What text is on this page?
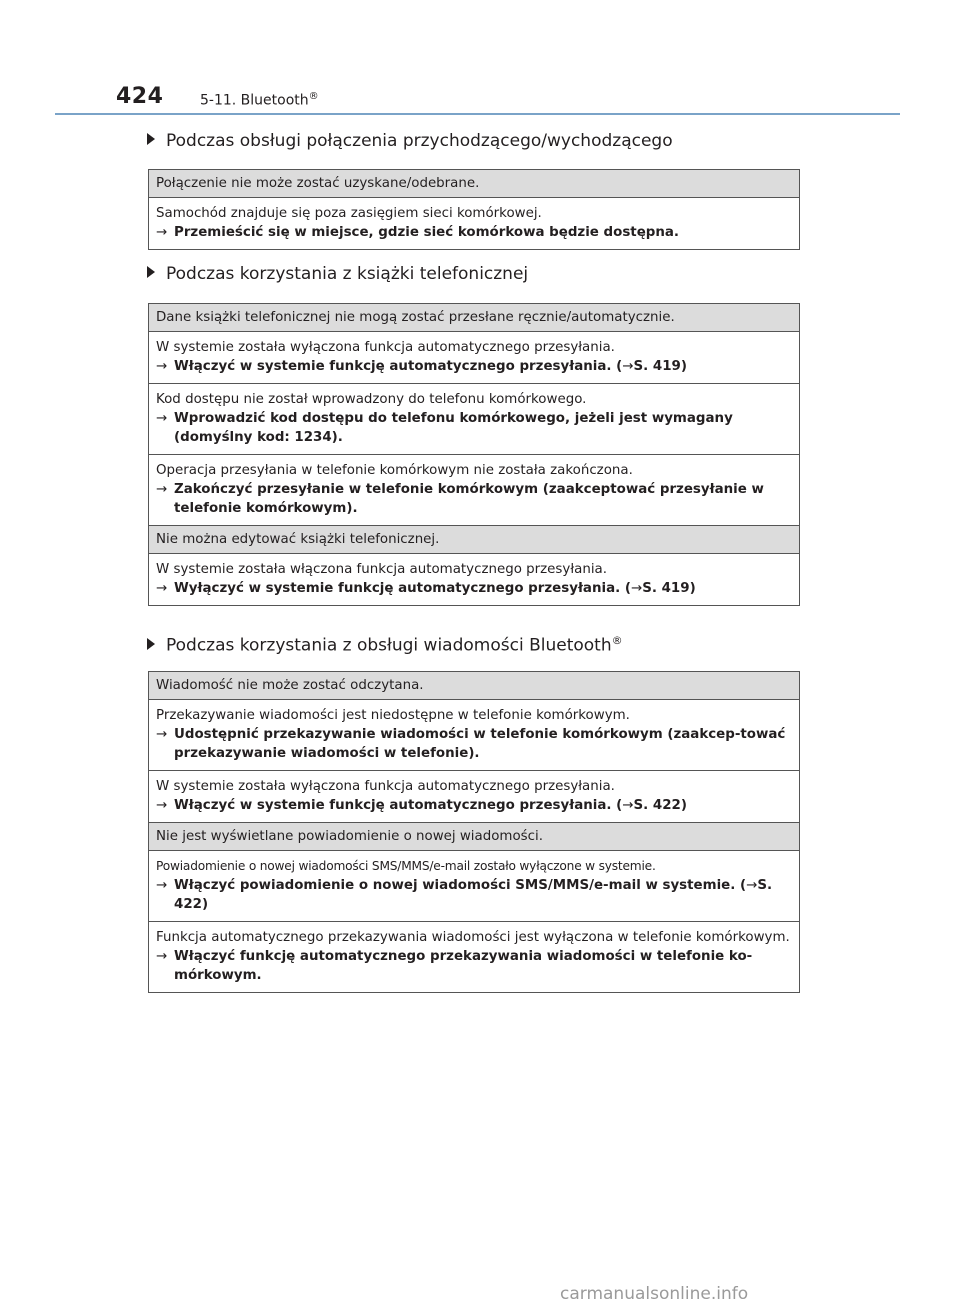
424	5-11. Bluetooth®
Podczas obsługi połączenia przychodzącego/wychodzącego
Połączenie nie może zostać uzyskane/odebrane.

Samochód znajduje się poza zasięgiem sieci komórkowej.
→ Przemieścić się w miejsce, gdzie sieć komórkowa będzie dostępna.
Podczas korzystania z książki telefonicznej
Dane książki telefonicznej nie mogą zostać przesłane ręcznie/automatycznie.

W systemie została wyłączona funkcja automatycznego przesyłania.
→ Włączyć w systemie funkcję automatycznego przesyłania. (→S. 419)

Kod dostępu nie został wprowadzony do telefonu komórkowego.
→ Wprowadzić kod dostępu do telefonu komórkowego, jeżeli jest wymagany (domyślny kod: 1234).

Operacja przesyłania w telefonie komórkowym nie została zakończona.
→ Zakończyć przesyłanie w telefonie komórkowym (zaakceptować przesyłanie w telefonie komórkowym).

Nie można edytować książki telefonicznej.

W systemie została włączona funkcja automatycznego przesyłania.
→ Wyłączyć w systemie funkcję automatycznego przesyłania. (→S. 419)
Podczas korzystania z obsługi wiadomości Bluetooth®
Wiadomość nie może zostać odczytana.

Przekazywanie wiadomości jest niedostępne w telefonie komórkowym.
→ Udostępnić przekazywanie wiadomości w telefonie komórkowym (zaakcep-tować przekazywanie wiadomości w telefonie).

W systemie została wyłączona funkcja automatycznego przesyłania.
→ Włączyć w systemie funkcję automatycznego przesyłania. (→S. 422)

Nie jest wyświetlane powiadomienie o nowej wiadomości.

Powiadomienie o nowej wiadomości SMS/MMS/e-mail zostało wyłączone w systemie.
→ Włączyć powiadomienie o nowej wiadomości SMS/MMS/e-mail w systemie. (→S. 422)

Funkcja automatycznego przekazywania wiadomości jest wyłączona w telefonie komórkowym.
→ Włączyć funkcję automatycznego przekazywania wiadomości w telefonie ko-mórkowym.
carmanualsonline.info
